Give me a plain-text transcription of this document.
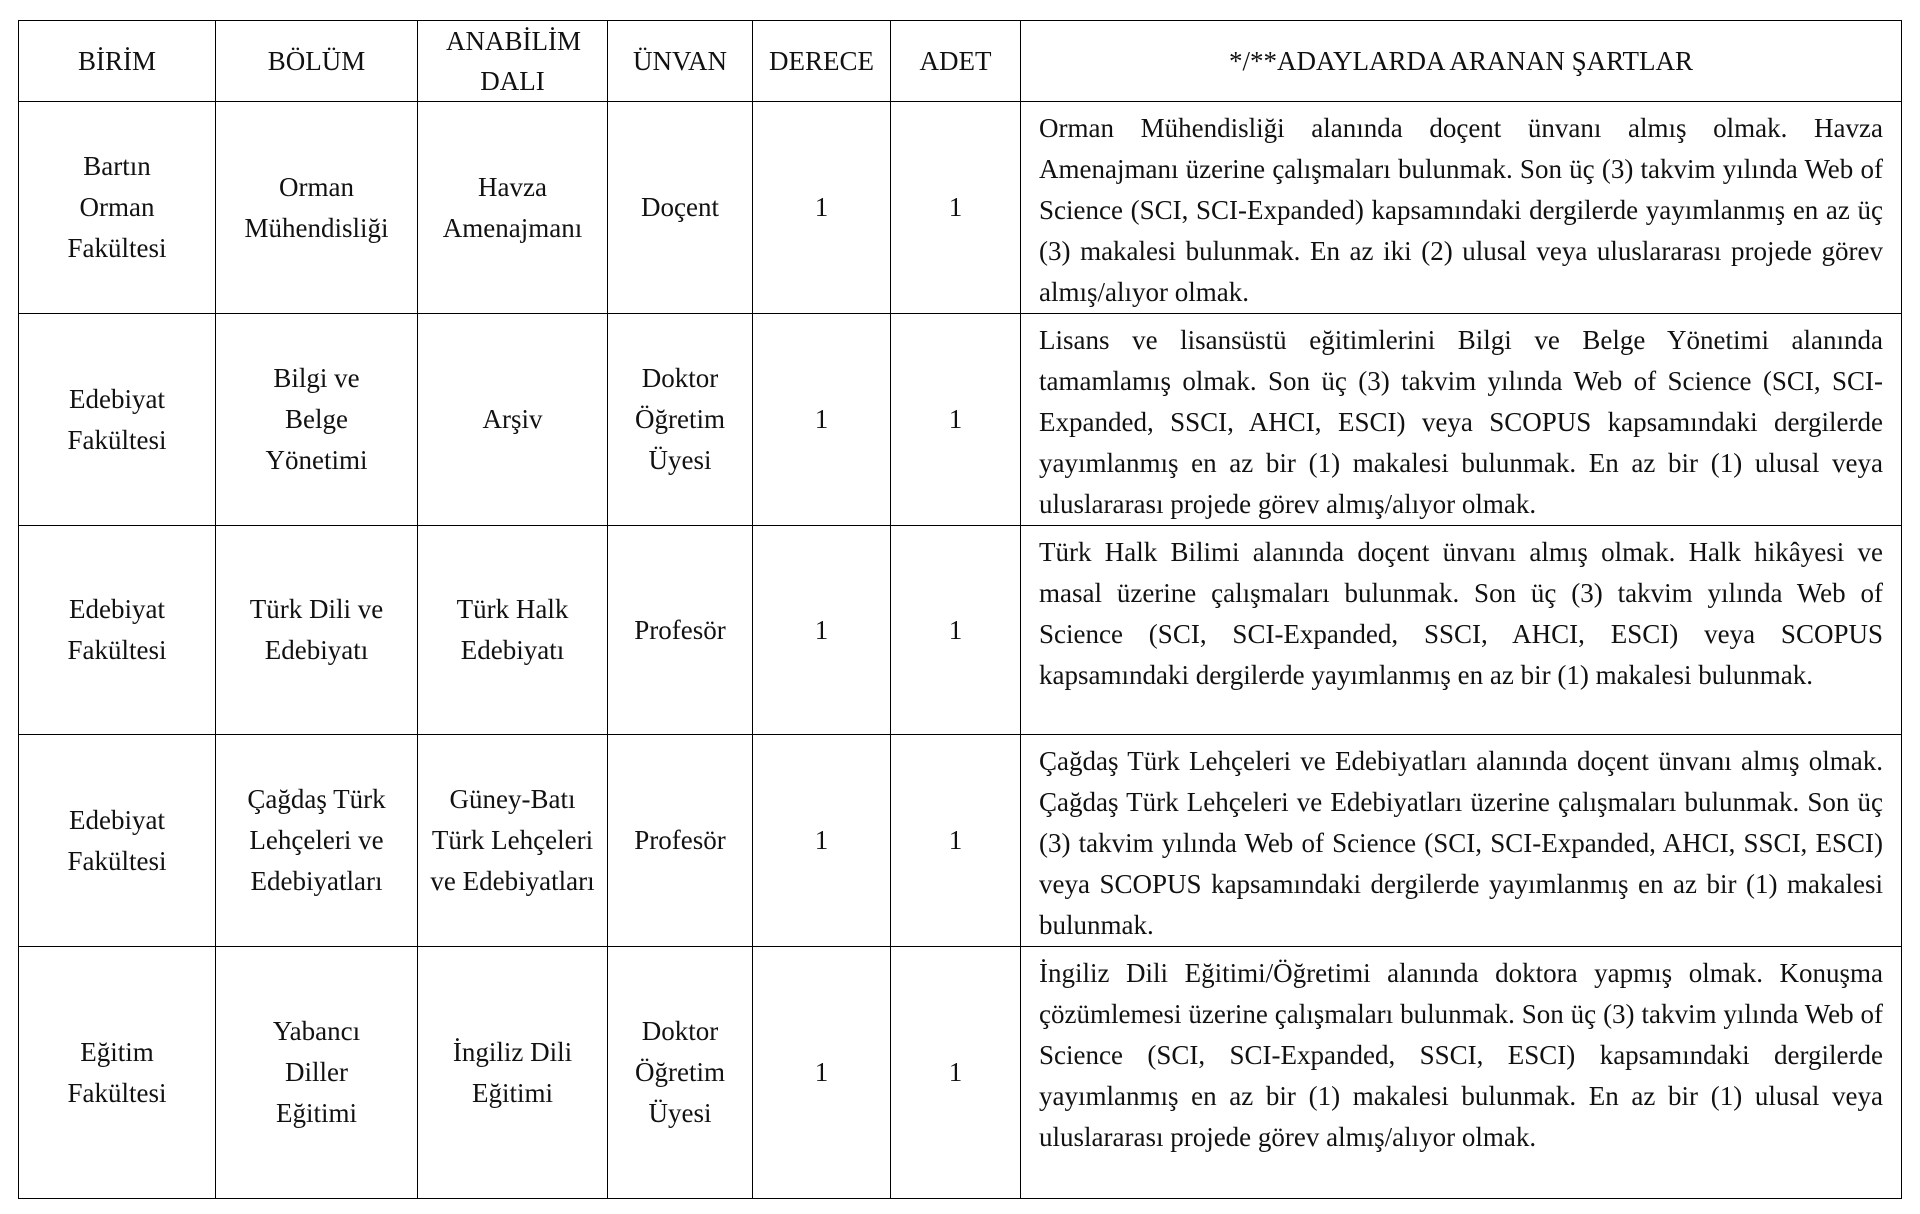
BİRİM	BÖLÜM	ANABİLİM DALI	ÜNVAN	DERECE	ADET	*/**ADAYLARDA ARANAN ŞARTLAR

Bartın Orman Fakültesi	Orman Mühendisliği	Havza Amenajmanı	Doçent	1	1	Orman Mühendisliği alanında doçent ünvanı almış olmak. Havza Amenajmanı üzerine çalışmaları bulunmak. Son üç (3) takvim yılında Web of Science (SCI, SCI-Expanded) kapsamındaki dergilerde yayımlanmış en az üç (3) makalesi bulunmak. En az iki (2) ulusal veya uluslararası projede görev almış/alıyor olmak.

Edebiyat Fakültesi	Bilgi ve Belge Yönetimi	Arşiv	Doktor Öğretim Üyesi	1	1	Lisans ve lisansüstü eğitimlerini Bilgi ve Belge Yönetimi alanında tamamlamış olmak. Son üç (3) takvim yılında Web of Science (SCI, SCI-Expanded, SSCI, AHCI, ESCI) veya SCOPUS kapsamındaki dergilerde yayımlanmış en az bir (1) makalesi bulunmak. En az bir (1) ulusal veya uluslararası projede görev almış/alıyor olmak.

Edebiyat Fakültesi	Türk Dili ve Edebiyatı	Türk Halk Edebiyatı	Profesör	1	1	Türk Halk Bilimi alanında doçent ünvanı almış olmak. Halk hikâyesi ve masal üzerine çalışmaları bulunmak. Son üç (3) takvim yılında Web of Science (SCI, SCI-Expanded, SSCI, AHCI, ESCI) veya SCOPUS kapsamındaki dergilerde yayımlanmış en az bir (1) makalesi bulunmak.

Edebiyat Fakültesi	Çağdaş Türk Lehçeleri ve Edebiyatları	Güney-Batı Türk Lehçeleri ve Edebiyatları	Profesör	1	1	Çağdaş Türk Lehçeleri ve Edebiyatları alanında doçent ünvanı almış olmak. Çağdaş Türk Lehçeleri ve Edebiyatları üzerine çalışmaları bulunmak. Son üç (3) takvim yılında Web of Science (SCI, SCI-Expanded, AHCI, SSCI, ESCI) veya SCOPUS kapsamındaki dergilerde yayımlanmış en az bir (1) makalesi bulunmak.

Eğitim Fakültesi	Yabancı Diller Eğitimi	İngiliz Dili Eğitimi	Doktor Öğretim Üyesi	1	1	İngiliz Dili Eğitimi/Öğretimi alanında doktora yapmış olmak. Konuşma çözümlemesi üzerine çalışmaları bulunmak. Son üç (3) takvim yılında Web of Science (SCI, SCI-Expanded, SSCI, ESCI) kapsamındaki dergilerde yayımlanmış en az bir (1) makalesi bulunmak. En az bir (1) ulusal veya uluslararası projede görev almış/alıyor olmak.
